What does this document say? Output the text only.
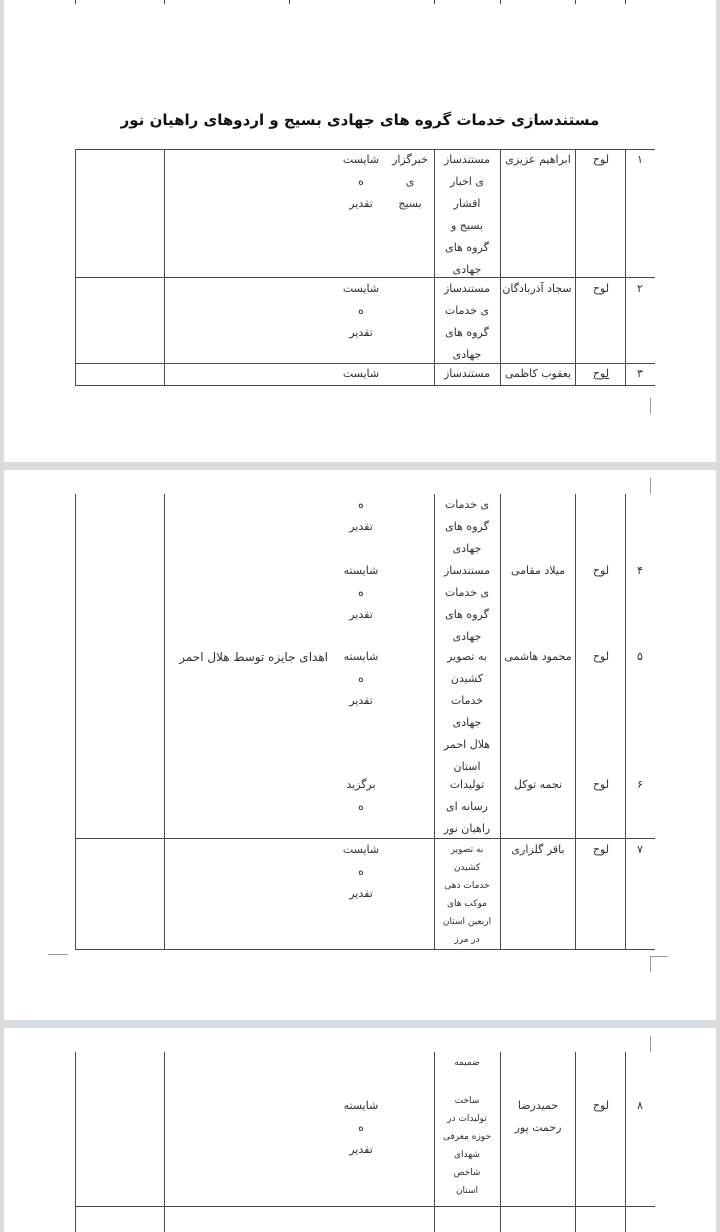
مستندسازی خدمات گروه های جهادی بسیج و اردوهای راهیان نور
١
لوح
ابراهیم عزیزی
مستندساز
ی اخبار
اقشار
بسیج و
گروه های
جهادی
خبرگزار
ی
بسیج
شایست
ه
تقدیر
٢
لوح
سجاد آذربادگان
مستندساز
ی خدمات
گروه های
جهادی
شایست
ه
تقدیر
٣
لوح
یعقوب کاظمی
مستندساز
شایست
ی خدمات
گروه های
جهادی
ه
تقدیر
۴
لوح
میلاد مقامی
مستندساز
ی خدمات
گروه های
جهادی
شایسته
ه
تقدیر
۵
لوح
محمود هاشمی
به تصویر
کشیدن
خدمات
جهادی
هلال احمر
استان
شایسته
ه
تقدیر
اهدای جایزه توسط هلال احمر
۶
لوح
نجمه توکل
تولیدات
رسانه ای
راهیان نور
برگزید
ه
٧
لوح
باقر گلزاری
به تصویر
کشیدن
خدمات دهی
موکب های
اربعین استان
در مرز
شایست
ه
تقدیر
ضمیمه
٨
لوح
حمیدرضا
رحمت پور
ساخت
تولیدات در
حوزه معرفی
شهدای
شاخص
استان
شایسته
ه
تقدیر
